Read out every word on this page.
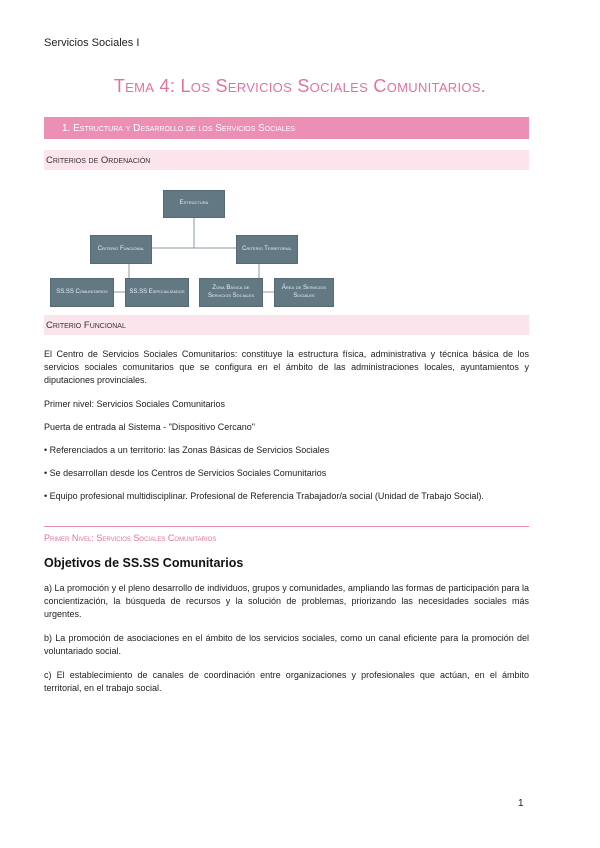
Servicios Sociales I
Tema 4: Los Servicios Sociales Comunitarios.
1. Estructura y Desarrollo de los Servicios Sociales
Criterios de Ordenación
Estructura
Criterio Funcional	Criterio Territorial
SS.SS Comunitarios	SS.SS Especializados
Zona Básica de Servicios Sociales
Área de Servicios Sociales
Criterio Funcional
El Centro de Servicios Sociales Comunitarios: constituye la estructura física, administrativa y técnica básica de los servicios sociales comunitarios que se configura en el ámbito de las administraciones locales, ayuntamientos y diputaciones provinciales.
Primer nivel: Servicios Sociales Comunitarios
Puerta de entrada al Sistema - "Dispositivo Cercano"
• Referenciados a un territorio: las Zonas Básicas de Servicios Sociales
• Se desarrollan desde los Centros de Servicios Sociales Comunitarios
• Equipo profesional multidisciplinar. Profesional de Referencia Trabajador/a social (Unidad de Trabajo Social).
Primer Nivel: Servicios Sociales Comunitarios
Objetivos de SS.SS Comunitarios
a) La promoción y el pleno desarrollo de individuos, grupos y comunidades, ampliando las formas de participación para la concientización, la búsqueda de recursos y la solución de problemas, priorizando las necesidades sociales más urgentes.
b) La promoción de asociaciones en el ámbito de los servicios sociales, como un canal eficiente para la promoción del voluntariado social.
c) El establecimiento de canales de coordinación entre organizaciones y profesionales que actúan, en el ámbito territorial, en el trabajo social.
1
